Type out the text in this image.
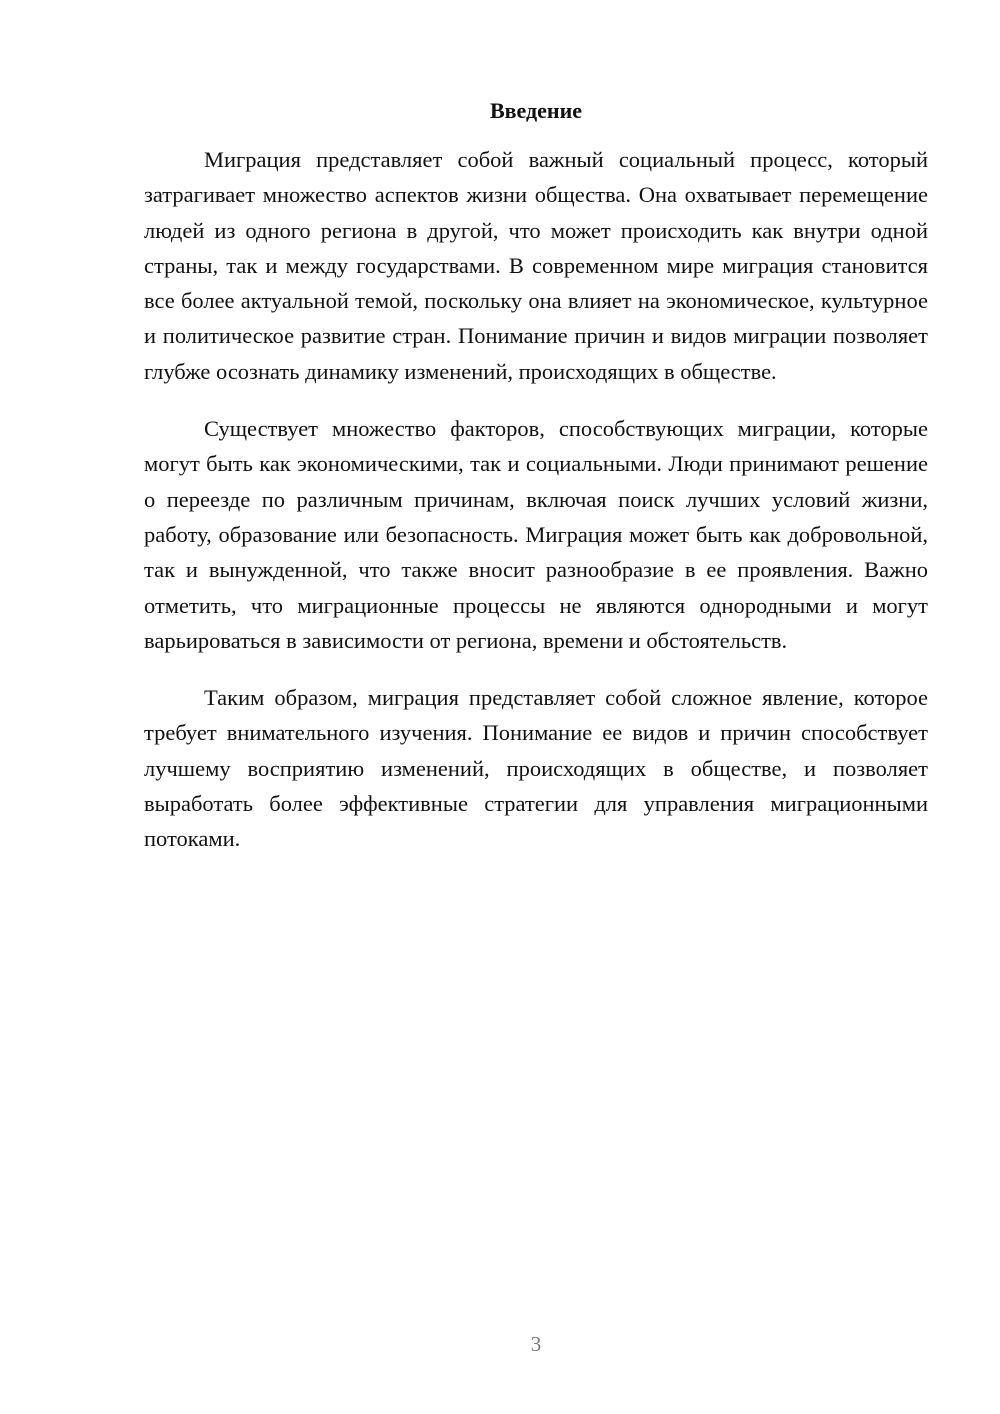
Введение

Миграция представляет собой важный социальный процесс, который затрагивает множество аспектов жизни общества. Она охватывает перемещение людей из одного региона в другой, что может происходить как внутри одной страны, так и между государствами. В современном мире миграция становится все более актуальной темой, поскольку она влияет на экономическое, культурное и политическое развитие стран. Понимание причин и видов миграции позволяет глубже осознать динамику изменений, происходящих в обществе.

Существует множество факторов, способствующих миграции, которые могут быть как экономическими, так и социальными. Люди принимают решение о переезде по различным причинам, включая поиск лучших условий жизни, работу, образование или безопасность. Миграция может быть как добровольной, так и вынужденной, что также вносит разнообразие в ее проявления. Важно отметить, что миграционные процессы не являются однородными и могут варьироваться в зависимости от региона, времени и обстоятельств.

Таким образом, миграция представляет собой сложное явление, которое требует внимательного изучения. Понимание ее видов и причин способствует лучшему восприятию изменений, происходящих в обществе, и позволяет выработать более эффективные стратегии для управления миграционными потоками.

3
